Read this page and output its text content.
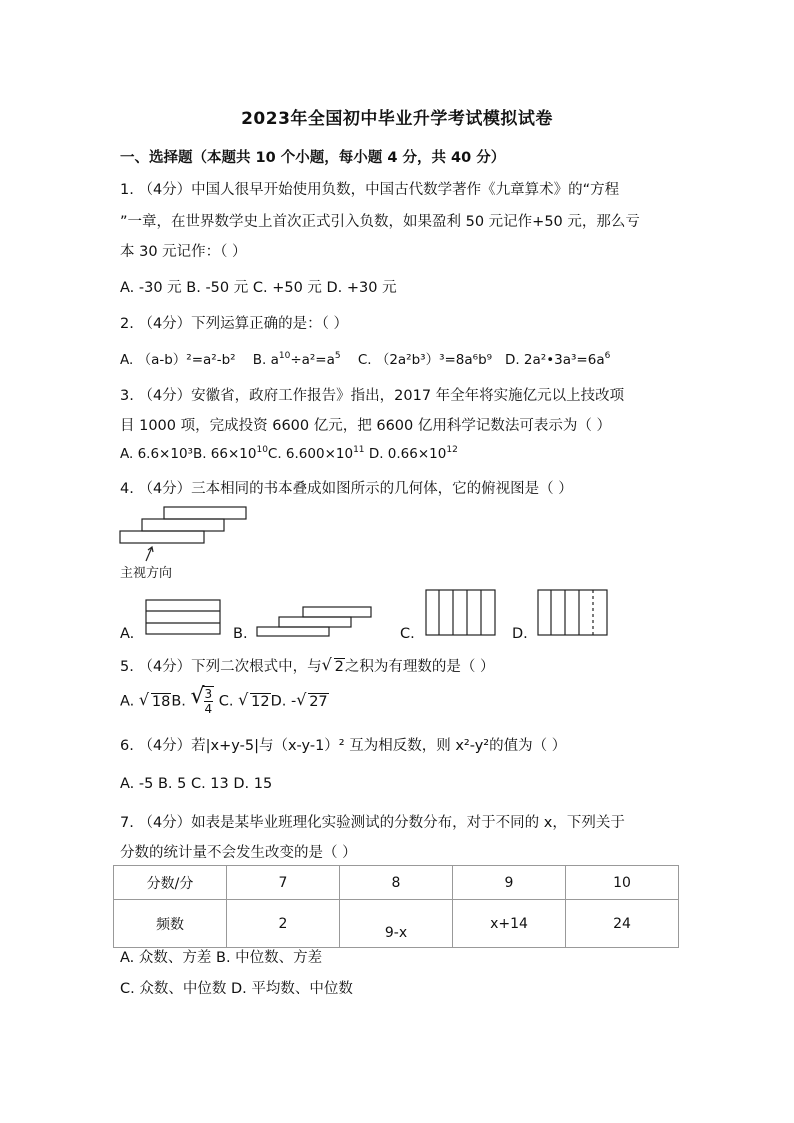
2023年全国初中毕业升学考试模拟试卷
一、选择题（本题共 10 个小题，每小题 4 分，共 40 分）
1. （4分）中国人很早开始使用负数，中国古代数学著作《九章算术》的“方程
”一章，在世界数学史上首次正式引入负数，如果盈利 50 元记作+50 元，那么亏
本 30 元记作：（ ）
A. -30 元 B. -50 元 C. +50 元 D. +30 元
2. （4分）下列运算正确的是：（ ）
A. （a-b）²=a²-b² B. $a^{10}\div a^2=a^5$ C. （2a²b³）³=8a⁶b⁹ D. $2a^2•3a^3=6a^6$
3. （4分）安徽省，政府工作报告》指出，2017 年全年将实施亿元以上技改项
目 1000 项，完成投资 6600 亿元，把 6600 亿用科学记数法可表示为（ ）
A. 6.6×10³B. $66\times 10^{10}C$. $6.600\times 10^{11}$ D. $0.66\times 10^{12}$
4. （4分）三本相同的书本叠成如图所示的几何体，它的俯视图是（ ）
主视方向
A.	B.	C.	D.
5. （4分）下列二次根式中，与 √ 2之积为有理数的是（ ）
A. √ 18B. √
$\frac{3}{4} C$. √ 12D. - √ 27
6. （4分）若|x+y-5|与（x-y-1）² 互为相反数，则 x²-y²的值为（ ）
A. -5 B. 5 C. 13 D. 15
7. （4分）如表是某毕业班理化实验测试的分数分布，对于不同的 x，下列关于
分数的统计量不会发生改变的是（ ）
分数/分	7	8	9	10
频数	2	9-x	x+14	24
A. 众数、方差 B. 中位数、方差
C. 众数、中位数 D. 平均数、中位数
